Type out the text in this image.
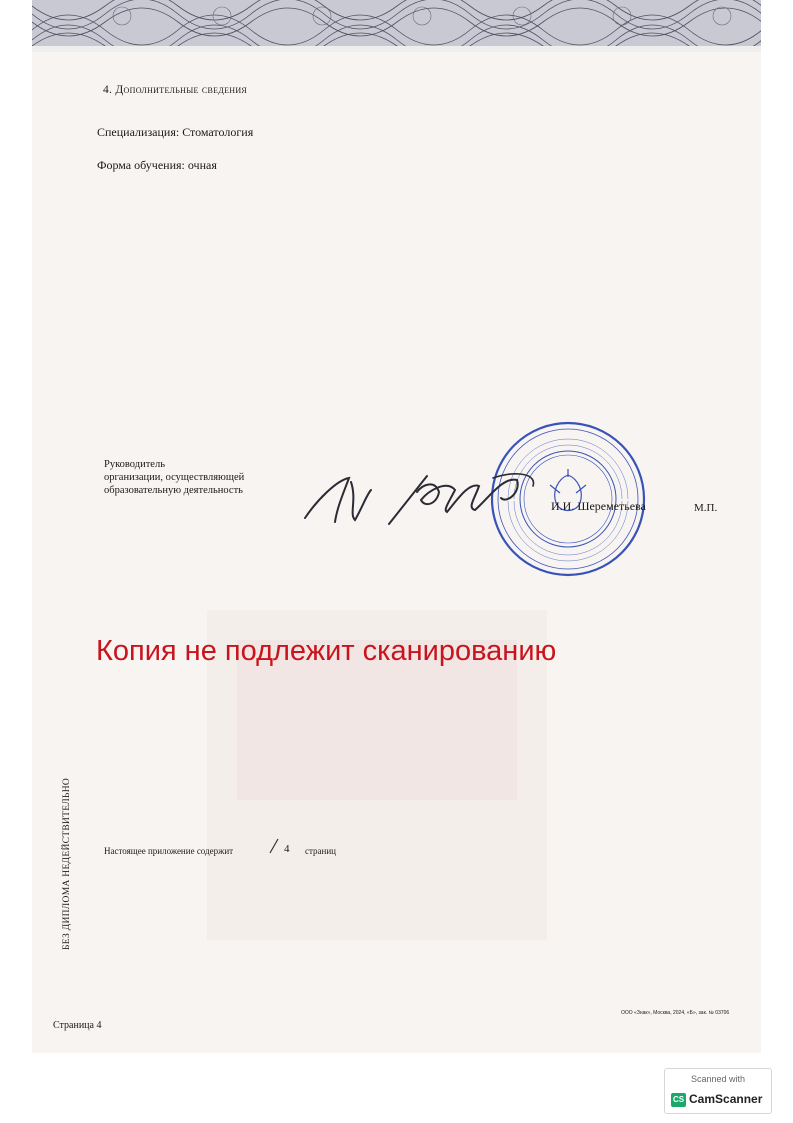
4. Дополнительные сведения

Специализация: Стоматология

Форма обучения: очная

Руководитель
организации, осуществляющей
образовательную деятельность

И.И. Шереметьева	М.П.

Настоящее приложение содержит	4 страниц

БЕЗ ДИПЛОМА НЕДЕЙСТВИТЕЛЬНО

Страница 4

ООО «Знак», Москва, 2024, «Б», зак. № 03706

Копия не подлежит сканированию

Scanned with
CS CamScanner
